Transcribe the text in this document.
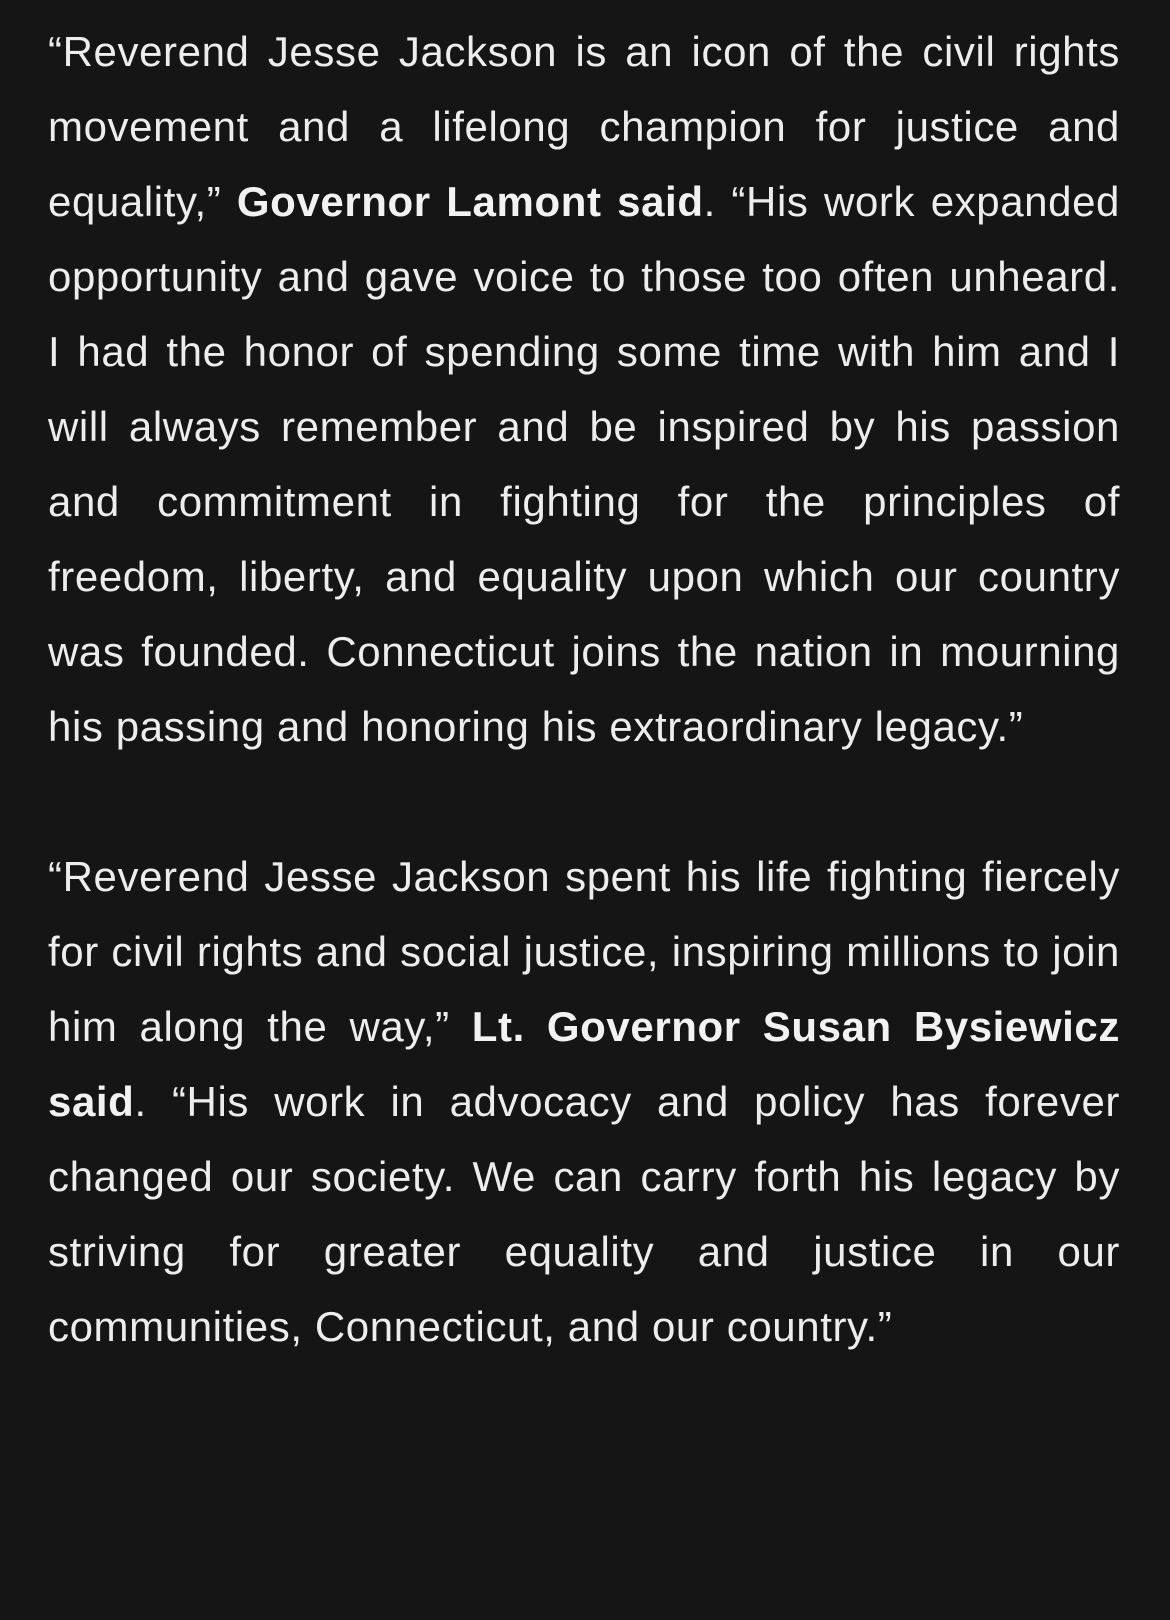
“Reverend Jesse Jackson is an icon of the civil rights movement and a lifelong champion for justice and equality,” Governor Lamont said. “His work expanded opportunity and gave voice to those too often unheard. I had the honor of spending some time with him and I will always remember and be inspired by his passion and commitment in fighting for the principles of freedom, liberty, and equality upon which our country was founded. Connecticut joins the nation in mourning his passing and honoring his extraordinary legacy.”

“Reverend Jesse Jackson spent his life fighting fiercely for civil rights and social justice, inspiring millions to join him along the way,” Lt. Governor Susan Bysiewicz said. “His work in advocacy and policy has forever changed our society. We can carry forth his legacy by striving for greater equality and justice in our communities, Connecticut, and our country.”
